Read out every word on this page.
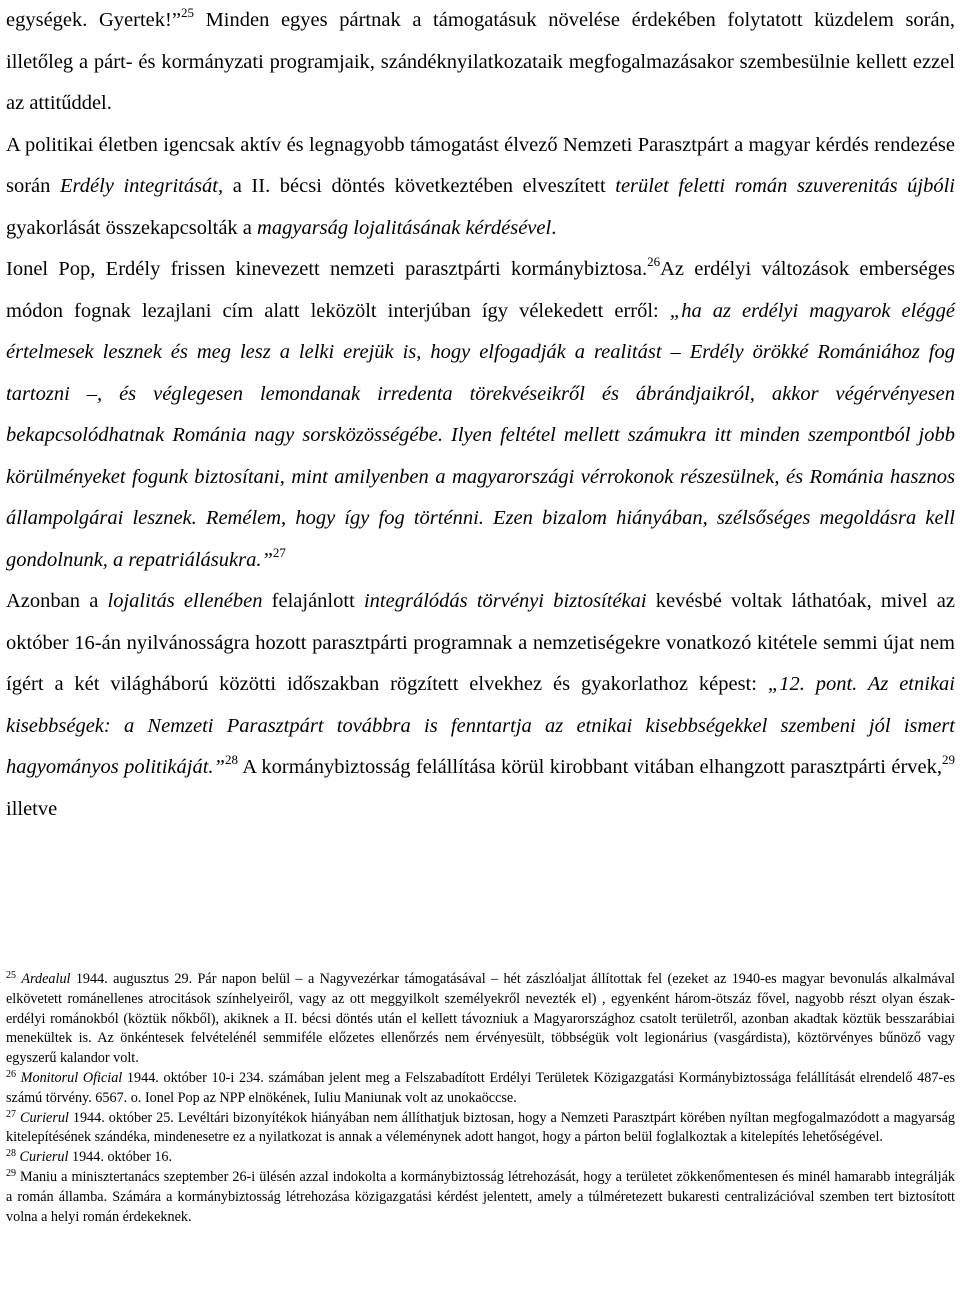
egységek. Gyertek!”$^{25}$ Minden egyes pártnak a támogatásuk növelése érdekében folytatott küzdelem során, illetőleg a párt- és kormányzati programjaik, szándéknyilatkozataik megfogalmazásakor szembesülnie kellett ezzel az attitűddel.

A politikai életben igencsak aktív és legnagyobb támogatást élvező Nemzeti Parasztpárt a magyar kérdés rendezése során Erdély integritását, a II. bécsi döntés következtében elveszített terület feletti román szuverenitás újbóli gyakorlását összekapcsolták a magyarság lojalitásának kérdésével.

Ionel Pop, Erdély frissen kinevezett nemzeti parasztpárti kormánybiztosa.$^{26}$Az erdélyi változások emberséges módon fognak lezajlani cím alatt leközölt interjúban így vélekedett erről: „ha az erdélyi magyarok eléggé értelmesek lesznek és meg lesz a lelki erejük is, hogy elfogadják a realitást – Erdély örökké Romániához fog tartozni –, és véglegesen lemondanak irredenta törekvéseikről és ábrándjaikról, akkor végérvényesen bekapcsolódhatnak Románia nagy sorsközösségébe. Ilyen feltétel mellett számukra itt minden szempontból jobb körülményeket fogunk biztosítani, mint amilyenben a magyarországi vérrokonok részesülnek, és Románia hasznos állampolgárai lesznek. Remélem, hogy így fog történni. Ezen bizalom hiányában, szélsőséges megoldásra kell gondolnunk, a repatriálásukra.”$^{27}$

Azonban a lojalitás ellenében felajánlott integrálódás törvényi biztosítékai kevésbé voltak láthatóak, mivel az október 16-án nyilvánosságra hozott parasztpárti programnak a nemzetiségekre vonatkozó kitétele semmi újat nem ígért a két világháború közötti időszakban rögzített elvekhez és gyakorlathoz képest: „12. pont. Az etnikai kisebbségek: a Nemzeti Parasztpárt továbbra is fenntartja az etnikai kisebbségekkel szembeni jól ismert hagyományos politikáját.”$^{28}$ A kormánybiztosság felállítása körül kirobbant vitában elhangzott parasztpárti érvek,$^{29}$ illetve

$^{25}$ Ardealul 1944. augusztus 29. Pár napon belül – a Nagyvezérkar támogatásával – hét zászlóaljat állítottak fel (ezeket az 1940-es magyar bevonulás alkalmával elkövetett románellenes atrocitások színhelyeiről, vagy az ott meggyilkolt személyekről nevezték el) , egyenként három-ötszáz fővel, nagyobb részt olyan észak-erdélyi románokból (köztük nőkből), akiknek a II. bécsi döntés után el kellett távozniuk a Magyarországhoz csatolt területről, azonban akadtak köztük besszarábiai menekültek is. Az önkéntesek felvételénél semmiféle előzetes ellenőrzés nem érvényesült, többségük volt legionárius (vasgárdista), köztörvényes bűnöző vagy egyszerű kalandor volt.

$^{26}$ Monitorul Oficial 1944. október 10-i 234. számában jelent meg a Felszabadított Erdélyi Területek Közigazgatási Kormánybiztossága felállítását elrendelő 487-es számú törvény. 6567. o. Ionel Pop az NPP elnökének, Iuliu Maniunak volt az unokaöccse.

$^{27}$ Curierul 1944. október 25. Levéltári bizonyítékok hiányában nem állíthatjuk biztosan, hogy a Nemzeti Parasztpárt körében nyíltan megfogalmazódott a magyarság kitelepítésének szándéka, mindenesetre ez a nyilatkozat is annak a véleménynek adott hangot, hogy a párton belül foglalkoztak a kitelepítés lehetőségével.

$^{28}$ Curierul 1944. október 16.

$^{29}$ Maniu a minisztertanács szeptember 26-i ülésén azzal indokolta a kormánybiztosság létrehozását, hogy a területet zökkenőmentesen és minél hamarabb integrálják a román államba. Számára a kormánybiztosság létrehozása közigazgatási kérdést jelentett, amely a túlméretezett bukaresti centralizációval szemben tert biztosított volna a helyi román érdekeknek.
